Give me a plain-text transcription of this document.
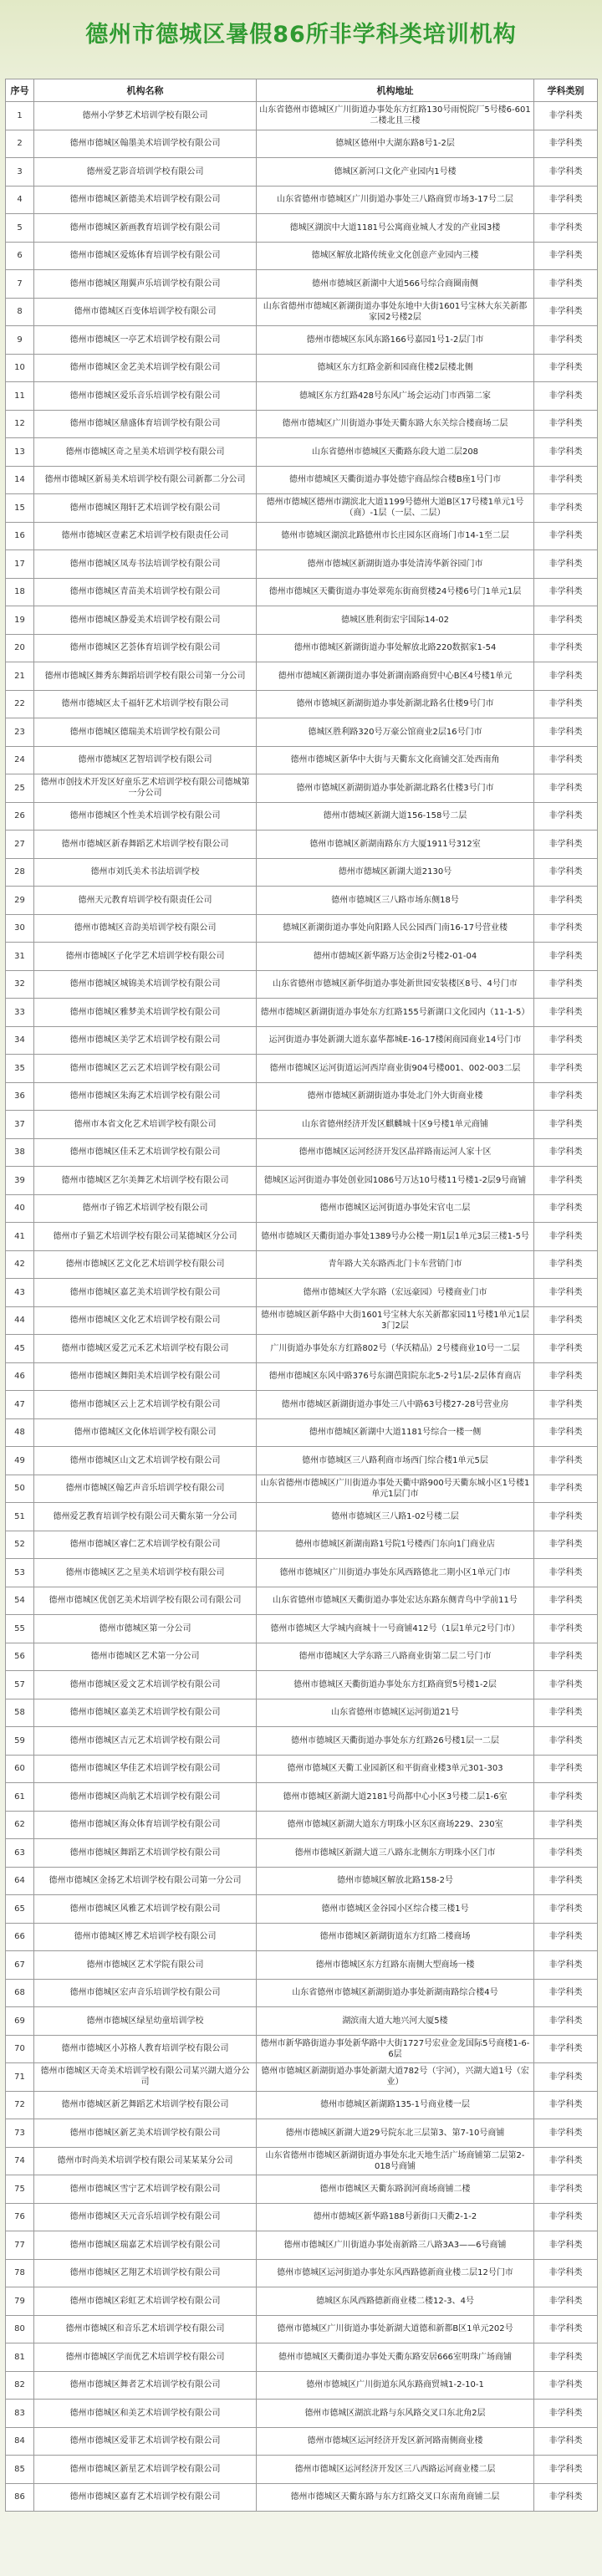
德州市德城区暑假86所非学科类培训机构
序号	机构名称	机构地址	学科类别
1	德州小学梦艺术培训学校有限公司	山东省德州市德城区广川街道办事处东方红路130号雨悦院厂5号楼6-601二楼北且三楼	非学科类
2	德州市德城区翰墨美术培训学校有限公司	德城区德州中大湖东路8号1-2层	非学科类
3	德州爱艺影音培训学校有限公司	德城区新河口文化产业园内1号楼	非学科类
4	德州市德城区新德美术培训学校有限公司	山东省德州市德城区广川街道办事处三八路商贸市场3-17号二层	非学科类
5	德州市德城区新画教育培训学校有限公司	德城区湖滨中大道1181号公寓商业城人才发的产业园3楼	非学科类
6	德州市德城区爱炼体育培训学校有限公司	德城区解放北路传统业文化创意产业园内三楼	非学科类
7	德州市德城区翔翼声乐培训学校有限公司	德州市德城区新湖中大道566号综合商圈南侧	非学科类
8	德州市德城区百变体培训学校有限公司	山东省德州市德城区新湖街道办事处东地中大街1601号宝林大东关新都家园2号楼2层	非学科类
9	德州市德城区一亭艺术培训学校有限公司	德州市德城区东风东路166号嘉园1号1-2层门市	非学科类
10	德州市德城区金艺美术培训学校有限公司	德城区东方红路金新和园商住楼2层楼北侧	非学科类
11	德州市德城区爱乐音乐培训学校有限公司	德城区东方红路428号东风广场会运动门市西第二家	非学科类
12	德州市德城区鼎盛体育培训学校有限公司	德州市德城区广川街道办事处天衢东路大东关综合楼商场二层	非学科类
13	德州市德城区奇之星美术培训学校有限公司	山东省德州市德城区天衢路东段大道二层208	非学科类
14	德州市德城区新易美术培训学校有限公司新都二分公司	德州市德城区天衢街道办事处德宇商品综合楼B座1号门市	非学科类
15	德州市德城区翔轩艺术培训学校有限公司	德州市德城区德州市湖滨北大道1199号德州大道B区17号楼1单元1号（商）-1层（一层、二层）	非学科类
16	德州市德城区壹素艺术培训学校有限责任公司	德州市德城区湖滨北路德州市长庄园东区商场门市14-1至二层	非学科类
17	德州市德城区凤寿书法培训学校有限公司	德州市德城区新湖街道办事处清涛华新谷园门市	非学科类
18	德州市德城区青苗美术培训学校有限公司	德州市德城区天衢街道办事处翠苑东街商贸楼24号楼6号门1单元1层	非学科类
19	德州市德城区静爱美术培训学校有限公司	德城区胜利街宏宇国际14-02	非学科类
20	德州市德城区艺荟体育培训学校有限公司	德州市德城区新湖街道办事处解放北路220数据家1-54	非学科类
21	德州市德城区舞秀东舞蹈培训学校有限公司第一分公司	德州市德城区新湖街道办事处新湖南路商贸中心B区4号楼1单元	非学科类
22	德州市德城区太千福轩艺术培训学校有限公司	德州市德城区新湖街道办事处新湖北路名仕楼9号门市	非学科类
23	德州市德城区德瑞美术培训学校有限公司	德城区胜利路320号万豪公馆商业2层16号门市	非学科类
24	德州市德城区艺智培训学校有限公司	德州市德城区新华中大街与天衢东文化商铺交汇处西南角	非学科类
25	德州市创技术开发区好童乐艺术培训学校有限公司德城第一分公司	德州市德城区新湖街道办事处新湖北路名仕楼3号门市	非学科类
26	德州市德城区个性美术培训学校有限公司	德州市德城区新湖大道156-158号二层	非学科类
27	德州市德城区新春舞蹈艺术培训学校有限公司	德州市德城区新湖南路东方大厦1911号312室	非学科类
28	德州市刘氏美术书法培训学校	德州市德城区新湖大道2130号	非学科类
29	德州天元教育培训学校有限责任公司	德州市德城区三八路市场东侧18号	非学科类
30	德州市德城区音韵美培训学校有限公司	德城区新湖街道办事处向阳路人民公园西门南16-17号营业楼	非学科类
31	德州市德城区子化学艺术培训学校有限公司	德州市德城区新华路万达金街2号楼2-01-04	非学科类
32	德州市德城区城锦美术培训学校有限公司	山东省德州市德城区新华街道办事处新世园安装楼区8号、4号门市	非学科类
33	德州市德城区雅梦美术培训学校有限公司	德州市德城区新湖街道办事处东方红路155号新湖口文化园内（11-1-5）	非学科类
34	德州市德城区美学艺术培训学校有限公司	运河街道办事处新湖大道东嘉华都城E-16-17楼闲商园商业14号门市	非学科类
35	德州市德城区艺云艺术培训学校有限公司	德州市德城区运河街道运河西岸商业街904号楼001、002-003二层	非学科类
36	德州市德城区朱海艺术培训学校有限公司	德州市德城区新湖街道办事处北门外大街商业楼	非学科类
37	德州市本省文化艺术培训学校有限公司	山东省德州经济开发区麒麟城十区9号楼1单元商铺	非学科类
38	德州市德城区佳禾艺术培训学校有限公司	德州市德城区运河经济开发区晶祥路南运河人家十区	非学科类
39	德州市德城区艺尔美舞艺术培训学校有限公司	德城区运河街道办事处创业园1086号万达10号楼11号楼1-2层9号商铺	非学科类
40	德州市子锦艺术培训学校有限公司	德州市德城区运河街道办事处宋官屯二层	非学科类
41	德州市子猫艺术培训学校有限公司某德城区分公司	德州市德城区天衢街道办事处1389号办公楼一期1层1单元3层三楼1-5号	非学科类
42	德州市德城区艺文化艺术培训学校有限公司	青年路大关东路西北门卡车营销门市	非学科类
43	德州市德城区嘉艺美术培训学校有限公司	德州市德城区大学东路（宏远豪园）号楼商业门市	非学科类
44	德州市德城区文化艺术培训学校有限公司	德州市德城区新华路中大街1601号宝林大东关新都家园11号楼1单元1层3门2层	非学科类
45	德州市德城区爱艺元禾艺术培训学校有限公司	广川街道办事处东方红路802号（华沃精品）2号楼商业10号一二层	非学科类
46	德州市德城区舞阳美术培训学校有限公司	德州市德城区东风中路376号东湖芭阳院东北5-2号1层-2层体育商店	非学科类
47	德州市德城区云上艺术培训学校有限公司	德州市德城区新湖街道办事处三八中路63号楼27-28号营业房	非学科类
48	德州市德城区文化体培训学校有限公司	德州市德城区新湖中大道1181号综合一楼一侧	非学科类
49	德州市德城区山文艺术培训学校有限公司	德州市德城区三八路利商市场西门综合楼1单元5层	非学科类
50	德州市德城区翰艺声音乐培训学校有限公司	山东省德州市德城区广川街道办事处天衢中路900号天衢东城小区1号楼1单元1层门市	非学科类
51	德州爱艺教育培训学校有限公司天衢东第一分公司	德州市德城区三八路1-02号楼二层	非学科类
52	德州市德城区睿仁艺术培训学校有限公司	德州市德城区新湖南路1号院1号楼西门东向1门商业店	非学科类
53	德州市德城区艺之星美术培训学校有限公司	德州市德城区广川街道办事处东风西路德北二期小区1单元门市	非学科类
54	德州市德城区优创艺美术培训学校有限公司有限公司	山东省德州市德城区天衢街道办事处宏达东路东侧青鸟中学前11号	非学科类
55	德州市德城区第一分公司	德州市德城区大学城内商城十一号商铺412号（1层1单元2号门市）	非学科类
56	德州市德城区艺术第一分公司	德州市德城区大学东路三八路商业街第二层二号门市	非学科类
57	德州市德城区爱文艺术培训学校有限公司	德州市德城区天衢街道办事处东方红路商贸5号楼1-2层	非学科类
58	德州市德城区嘉美艺术培训学校有限公司	山东省德州市德城区运河街道21号	非学科类
59	德州市德城区吉元艺术培训学校有限公司	德州市德城区天衢街道办事处东方红路26号楼1层一二层	非学科类
60	德州市德城区华佳艺术培训学校有限公司	德州市德城区天衢工业园新区和平街商业楼3单元301-303	非学科类
61	德州市德城区尚航艺术培训学校有限公司	德州市德城区新湖大道2181号尚都中心小区3号楼二层1-6室	非学科类
62	德州市德城区海众体育培训学校有限公司	德州市德城区新湖大道东方明珠小区东区商场229、230室	非学科类
63	德州市德城区舞蹈艺术培训学校有限公司	德州市德城区新湖大道三八路东北侧东方明珠小区门市	非学科类
64	德州市德城区金扬艺术培训学校有限公司第一分公司	德州市德城区解放北路158-2号	非学科类
65	德州市德城区风雅艺术培训学校有限公司	德州市德城区金谷园小区综合楼三楼1号	非学科类
66	德州市德城区博艺术培训学校有限公司	德州市德城区新湖街道东方红路二楼商场	非学科类
67	德州市德城区艺术学院有限公司	德州市德城区东方红路东南侧大型商场一楼	非学科类
68	德州市德城区宏声音乐培训学校有限公司	山东省德州市德城区新湖街道办事处新湖南路综合楼4号	非学科类
69	德州市德城区绿星幼童培训学校	湖滨南大道大地兴河大厦5楼	非学科类
70	德州市德城区小苏格人教育培训学校有限公司	德州市新华路街道办事处新华路中大街1727号宏业金龙国际5号商楼1-6-6层	非学科类
71	德州市德城区天奇美术培训学校有限公司某兴湖大道分公司	德州市德城区新湖街道办事处新湖大道782号（宇河），兴湖大道1号（宏业）	非学科类
72	德州市德城区新艺舞蹈艺术培训学校有限公司	德州市德城区新湖路135-1号商业楼一层	非学科类
73	德州市德城区新艺美术培训学校有限公司	德州市德城区新湖大道29号院东北三层第3、第7-10号商铺	非学科类
74	德州市时尚美术培训学校有限公司某某某分公司	山东省德州市德城区新湖街道办事处东北天地生活广场商铺第二层第2-018号商铺	非学科类
75	德州市德城区雪宁艺术培训学校有限公司	德州市德城区天衢东路润河商场商铺二楼	非学科类
76	德州市德城区天元音乐培训学校有限公司	德州市德城区新华路188号新街口天衢2-1-2	非学科类
77	德州市德城区瑞嘉艺术培训学校有限公司	德州市德城区广川街道办事处南新路三八路3A3——6号商铺	非学科类
78	德州市德城区艺翔艺术培训学校有限公司	德州市德城区运河街道办事处东风西路德新商业楼二层12号门市	非学科类
79	德州市德城区彩虹艺术培训学校有限公司	德城区东风西路德新商业楼二楼12-3、4号	非学科类
80	德州市德城区和音乐艺术培训学校有限公司	德州市德城区广川街道办事处新湖大道德和新都B区1单元202号	非学科类
81	德州市德城区学而优艺术培训学校有限公司	德州市德城区天衢街道办事处天衢东路安居666室明珠广场商铺	非学科类
82	德州市德城区舞者艺术培训学校有限公司	德州市德城区广川街道东风东路商贸城1-2-10-1	非学科类
83	德州市德城区和美艺术培训学校有限公司	德州市德城区湖滨北路与东风路交叉口东北角2层	非学科类
84	德州市德城区爱菲艺术培训学校有限公司	德州市德城区运河经济开发区新河路南侧商业楼	非学科类
85	德州市德城区新星艺术培训学校有限公司	德州市德城区运河经济开发区三八西路运河商业楼二层	非学科类
86	德州市德城区嘉育艺术培训学校有限公司	德州市德城区天衢东路与东方红路交叉口东南角商铺二层	非学科类
